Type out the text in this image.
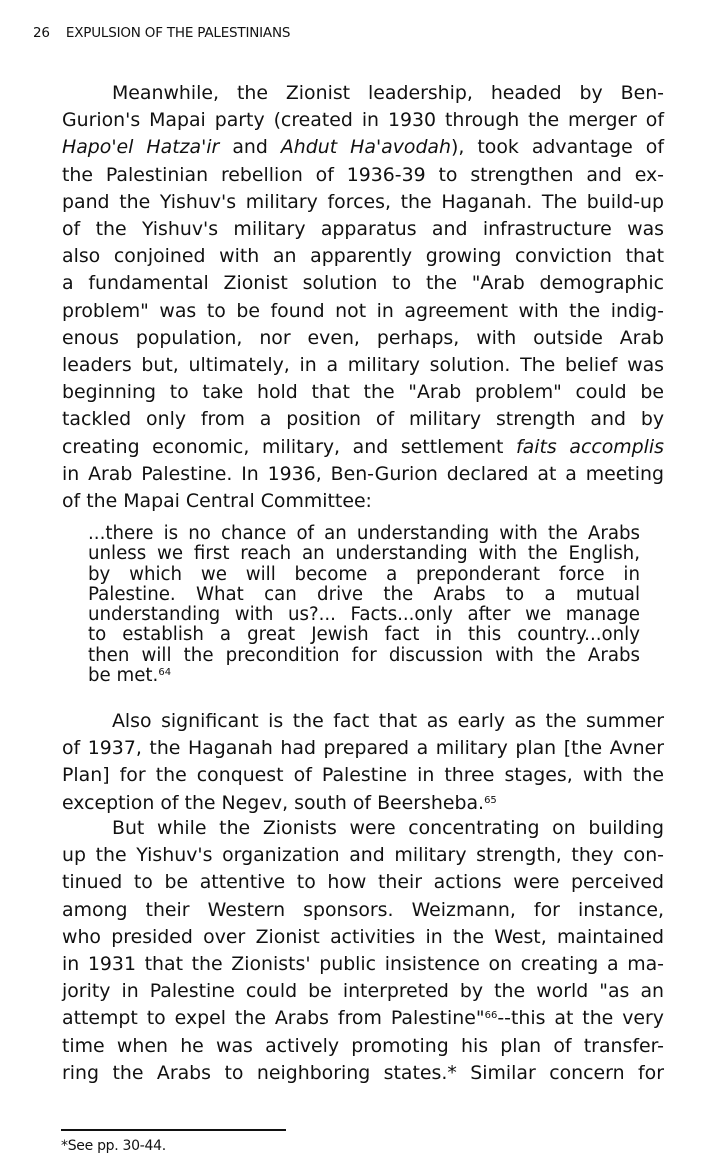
26 EXPULSION OF THE PALESTINIANS

Meanwhile, the Zionist leadership, headed by Ben-
Gurion's Mapai party (created in 1930 through the merger of
Hapo'el Hatza'ir and Ahdut Ha'avodah), took advantage of
the Palestinian rebellion of 1936-39 to strengthen and ex-
pand the Yishuv's military forces, the Haganah. The build-up
of the Yishuv's military apparatus and infrastructure was
also conjoined with an apparently growing conviction that
a fundamental Zionist solution to the "Arab demographic
problem" was to be found not in agreement with the indig-
enous population, nor even, perhaps, with outside Arab
leaders but, ultimately, in a military solution. The belief was
beginning to take hold that the "Arab problem" could be
tackled only from a position of military strength and by
creating economic, military, and settlement faits accomplis
in Arab Palestine. In 1936, Ben-Gurion declared at a meeting
of the Mapai Central Committee:

...there is no chance of an understanding with the Arabs
unless we first reach an understanding with the English,
by which we will become a preponderant force in
Palestine. What can drive the Arabs to a mutual
understanding with us?... Facts...only after we manage
to establish a great Jewish fact in this country...only
then will the precondition for discussion with the Arabs
be met.$^{64}$

Also significant is the fact that as early as the summer
of 1937, the Haganah had prepared a military plan [the Avner
Plan] for the conquest of Palestine in three stages, with the
exception of the Negev, south of Beersheba.$^{65}$

But while the Zionists were concentrating on building
up the Yishuv's organization and military strength, they con-
tinued to be attentive to how their actions were perceived
among their Western sponsors. Weizmann, for instance,
who presided over Zionist activities in the West, maintained
in 1931 that the Zionists' public insistence on creating a ma-
jority in Palestine could be interpreted by the world "as an
attempt to expel the Arabs from Palestine"$^{66}$--this at the very
time when he was actively promoting his plan of transfer-
ring the Arabs to neighboring states.* Similar concern for

*See pp. 30-44.
